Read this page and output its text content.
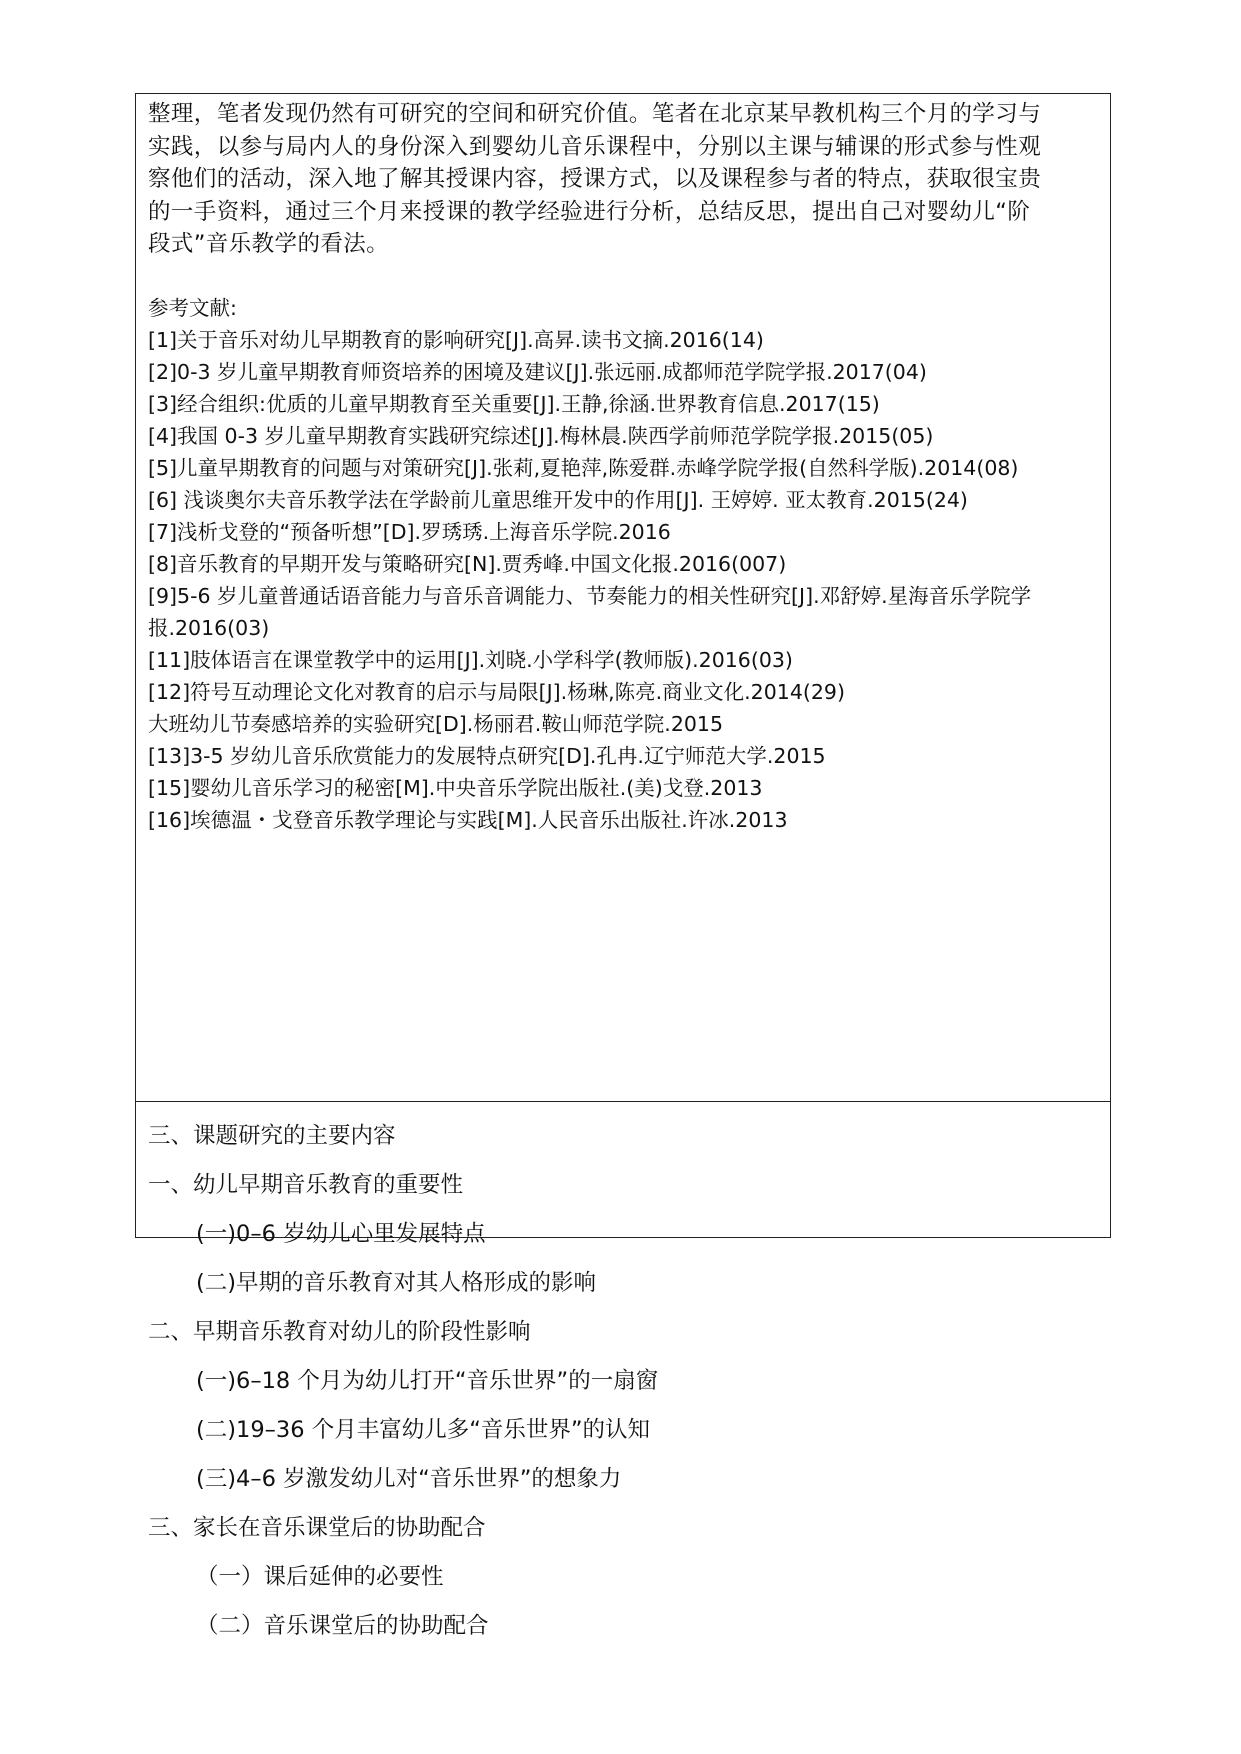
整理，笔者发现仍然有可研究的空间和研究价值。笔者在北京某早教机构三个月的学习与

实践，以参与局内人的身份深入到婴幼儿音乐课程中，分别以主课与辅课的形式参与性观

察他们的活动，深入地了解其授课内容，授课方式，以及课程参与者的特点，获取很宝贵

的一手资料，通过三个月来授课的教学经验进行分析，总结反思，提出自己对婴幼儿“阶

段式”音乐教学的看法。

参考文献:

[1]关于音乐对幼儿早期教育的影响研究[J].高昇.读书文摘.2016(14)

[2]0-3 岁儿童早期教育师资培养的困境及建议[J].张远丽.成都师范学院学报.2017(04)

[3]经合组织:优质的儿童早期教育至关重要[J].王静,徐涵.世界教育信息.2017(15)

[4]我国 0-3 岁儿童早期教育实践研究综述[J].梅林晨.陕西学前师范学院学报.2015(05)

[5]儿童早期教育的问题与对策研究[J].张莉,夏艳萍,陈爱群.赤峰学院学报(自然科学版).2014(08)

[6] 浅谈奥尔夫音乐教学法在学龄前儿童思维开发中的作用[J]. 王婷婷. 亚太教育.2015(24)

[7]浅析戈登的“预备听想”[D].罗琇琇.上海音乐学院.2016

[8]音乐教育的早期开发与策略研究[N].贾秀峰.中国文化报.2016(007)

[9]5-6 岁儿童普通话语音能力与音乐音调能力、节奏能力的相关性研究[J].邓舒婷.星海音乐学院学报.2016(03)

[11]肢体语言在课堂教学中的运用[J].刘晓.小学科学(教师版).2016(03)

[12]符号互动理论文化对教育的启示与局限[J].杨琳,陈亮.商业文化.2014(29)

大班幼儿节奏感培养的实验研究[D].杨丽君.鞍山师范学院.2015

[13]3-5 岁幼儿音乐欣赏能力的发展特点研究[D].孔冉.辽宁师范大学.2015

[15]婴幼儿音乐学习的秘密[M].中央音乐学院出版社.(美)戈登.2013

[16]埃德温・戈登音乐教学理论与实践[M].人民音乐出版社.许冰.2013

三、课题研究的主要内容
一、幼儿早期音乐教育的重要性
(一)0–6 岁幼儿心里发展特点
(二)早期的音乐教育对其人格形成的影响
二、早期音乐教育对幼儿的阶段性影响
(一)6–18 个月为幼儿打开“音乐世界”的一扇窗
(二)19–36 个月丰富幼儿多“音乐世界”的认知
(三)4–6 岁激发幼儿对“音乐世界”的想象力
三、家长在音乐课堂后的协助配合
（一）课后延伸的必要性
（二）音乐课堂后的协助配合
